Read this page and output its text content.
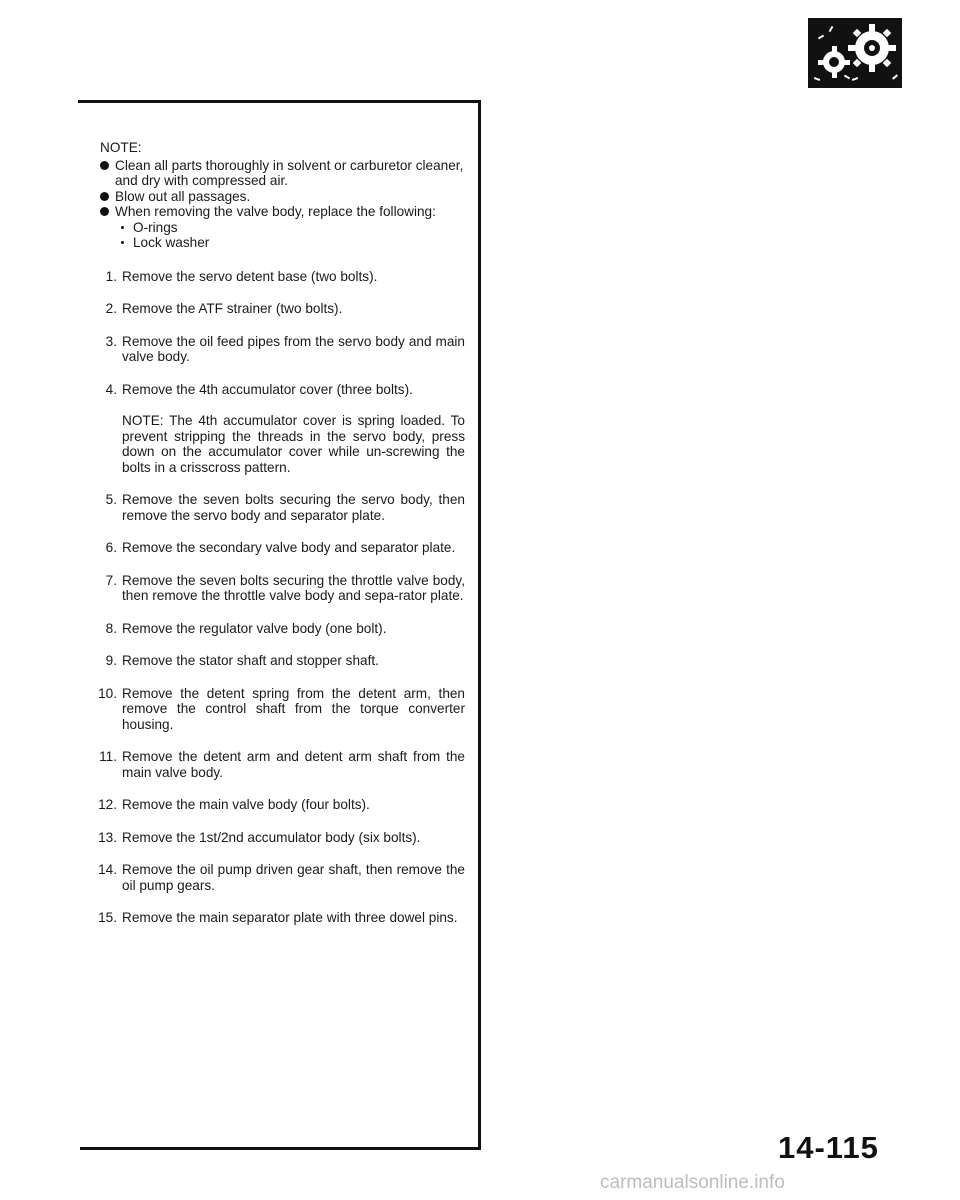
NOTE:
Clean all parts thoroughly in solvent or carburetor cleaner, and dry with compressed air.
Blow out all passages.
When removing the valve body, replace the following:
O-rings
Lock washer
1. Remove the servo detent base (two bolts).
2. Remove the ATF strainer (two bolts).
3. Remove the oil feed pipes from the servo body and main valve body.
4. Remove the 4th accumulator cover (three bolts).
NOTE: The 4th accumulator cover is spring loaded. To prevent stripping the threads in the servo body, press down on the accumulator cover while un-screwing the bolts in a crisscross pattern.
5. Remove the seven bolts securing the servo body, then remove the servo body and separator plate.
6. Remove the secondary valve body and separator plate.
7. Remove the seven bolts securing the throttle valve body, then remove the throttle valve body and sepa-rator plate.
8. Remove the regulator valve body (one bolt).
9. Remove the stator shaft and stopper shaft.
10. Remove the detent spring from the detent arm, then remove the control shaft from the torque converter housing.
11. Remove the detent arm and detent arm shaft from the main valve body.
12. Remove the main valve body (four bolts).
13. Remove the 1st/2nd accumulator body (six bolts).
14. Remove the oil pump driven gear shaft, then remove the oil pump gears.
15. Remove the main separator plate with three dowel pins.
14-115
carmanualsonline.info
